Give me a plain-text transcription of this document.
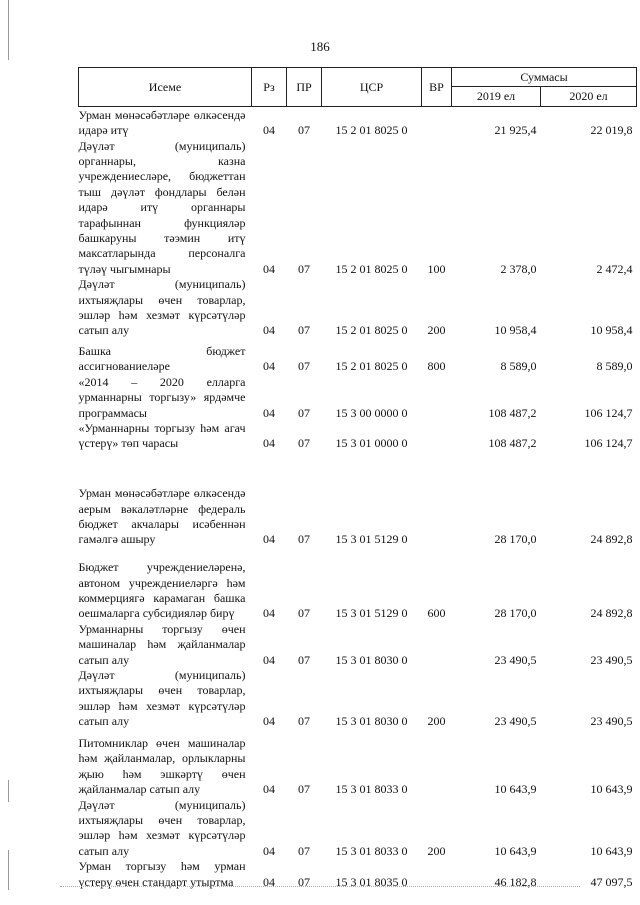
186
Исеме	Рз	ПР	ЦСР	ВР	Суммасы	
					2019 ел	2020 ел
Урман мөнәсәбәтләре өлкәсендә идарә итү	04	07	15 2 01 8025 0		21 925,4	22 019,8
Дәүләт (муниципаль) органнары, казна учреждениесләре, бюджеттан тыш дәүләт фондлары белән идарә итү органнары тарафыннан функцияләр башкаруны тәэмин итү максатларында персоналга түләү чыгымнары	04	07	15 2 01 8025 0	100	2 378,0	2 472,4
Дәүләт (муниципаль) ихтыяҗлары өчен товарлар, эшләр һәм хезмәт күрсәтүләр сатып алу	04	07	15 2 01 8025 0	200	10 958,4	10 958,4
Башка бюджет ассигнованиеләре	04	07	15 2 01 8025 0	800	8 589,0	8 589,0
«2014 – 2020 елларга урманнарны торгызу» ярдәмче программасы	04	07	15 3 00 0000 0		108 487,2	106 124,7
«Урманнарны торгызу һәм агач үстерү» төп чарасы	04	07	15 3 01 0000 0		108 487,2	106 124,7
Урман мөнәсәбәтләре өлкәсендә аерым вәкаләтләрне федераль бюджет акчалары исәбеннән гамәлгә ашыру	04	07	15 3 01 5129 0		28 170,0	24 892,8
Бюджет учреждениеләренә, автоном учреждениеләргә һәм коммерциягә карамаган башка оешмаларга субсидияләр бирү	04	07	15 3 01 5129 0	600	28 170,0	24 892,8
Урманнарны торгызу өчен машиналар һәм җайланмалар сатып алу	04	07	15 3 01 8030 0		23 490,5	23 490,5
Дәүләт (муниципаль) ихтыяҗлары өчен товарлар, эшләр һәм хезмәт күрсәтүләр сатып алу	04	07	15 3 01 8030 0	200	23 490,5	23 490,5
Питомниклар өчен машиналар һәм җайланмалар, орлыкларны җыю һәм эшкәртү өчен җайланмалар сатып алу	04	07	15 3 01 8033 0		10 643,9	10 643,9
Дәүләт (муниципаль) ихтыяҗлары өчен товарлар, эшләр һәм хезмәт күрсәтүләр сатып алу	04	07	15 3 01 8033 0	200	10 643,9	10 643,9
Урман торгызу һәм урман үстерү өчен стандарт утыртма	04	07	15 3 01 8035 0		46 182,8	47 097,5
